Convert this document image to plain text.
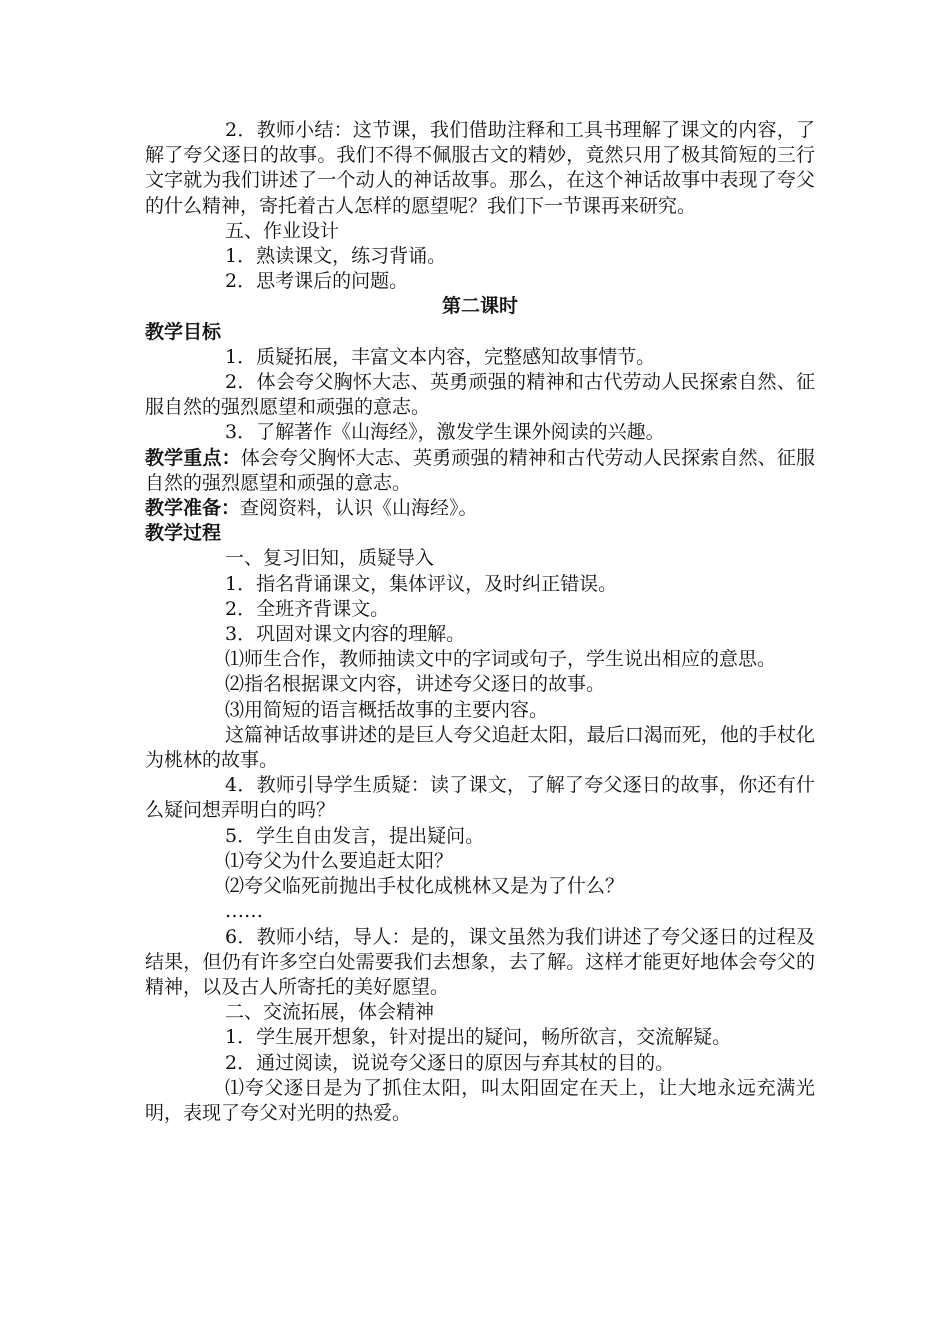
2．教师小结：这节课，我们借助注释和工具书理解了课文的内容，了解了夸父逐日的故事。我们不得不佩服古文的精妙，竟然只用了极其简短的三行文字就为我们讲述了一个动人的神话故事。那么，在这个神话故事中表现了夸父的什么精神，寄托着古人怎样的愿望呢？我们下一节课再来研究。

五、作业设计

1．熟读课文，练习背诵。

2．思考课后的问题。

第二课时

教学目标

1．质疑拓展，丰富文本内容，完整感知故事情节。

2．体会夸父胸怀大志、英勇顽强的精神和古代劳动人民探索自然、征服自然的强烈愿望和顽强的意志。

3．了解著作《山海经》，激发学生课外阅读的兴趣。

教学重点：体会夸父胸怀大志、英勇顽强的精神和古代劳动人民探索自然、征服自然的强烈愿望和顽强的意志。

教学准备：查阅资料，认识《山海经》。

教学过程

一、复习旧知，质疑导入

1．指名背诵课文，集体评议，及时纠正错误。

2．全班齐背课文。

3．巩固对课文内容的理解。

⑴师生合作，教师抽读文中的字词或句子，学生说出相应的意思。

⑵指名根据课文内容，讲述夸父逐日的故事。

⑶用简短的语言概括故事的主要内容。

这篇神话故事讲述的是巨人夸父追赶太阳，最后口渴而死，他的手杖化为桃林的故事。

4．教师引导学生质疑：读了课文，了解了夸父逐日的故事，你还有什么疑问想弄明白的吗？

5．学生自由发言，提出疑问。

⑴夸父为什么要追赶太阳？

⑵夸父临死前抛出手杖化成桃林又是为了什么？

……

6．教师小结，导人：是的，课文虽然为我们讲述了夸父逐日的过程及结果，但仍有许多空白处需要我们去想象，去了解。这样才能更好地体会夸父的精神，以及古人所寄托的美好愿望。

二、交流拓展，体会精神

1．学生展开想象，针对提出的疑问，畅所欲言，交流解疑。

2．通过阅读，说说夸父逐日的原因与弃其杖的目的。

⑴夸父逐日是为了抓住太阳，叫太阳固定在天上，让大地永远充满光明，表现了夸父对光明的热爱。
